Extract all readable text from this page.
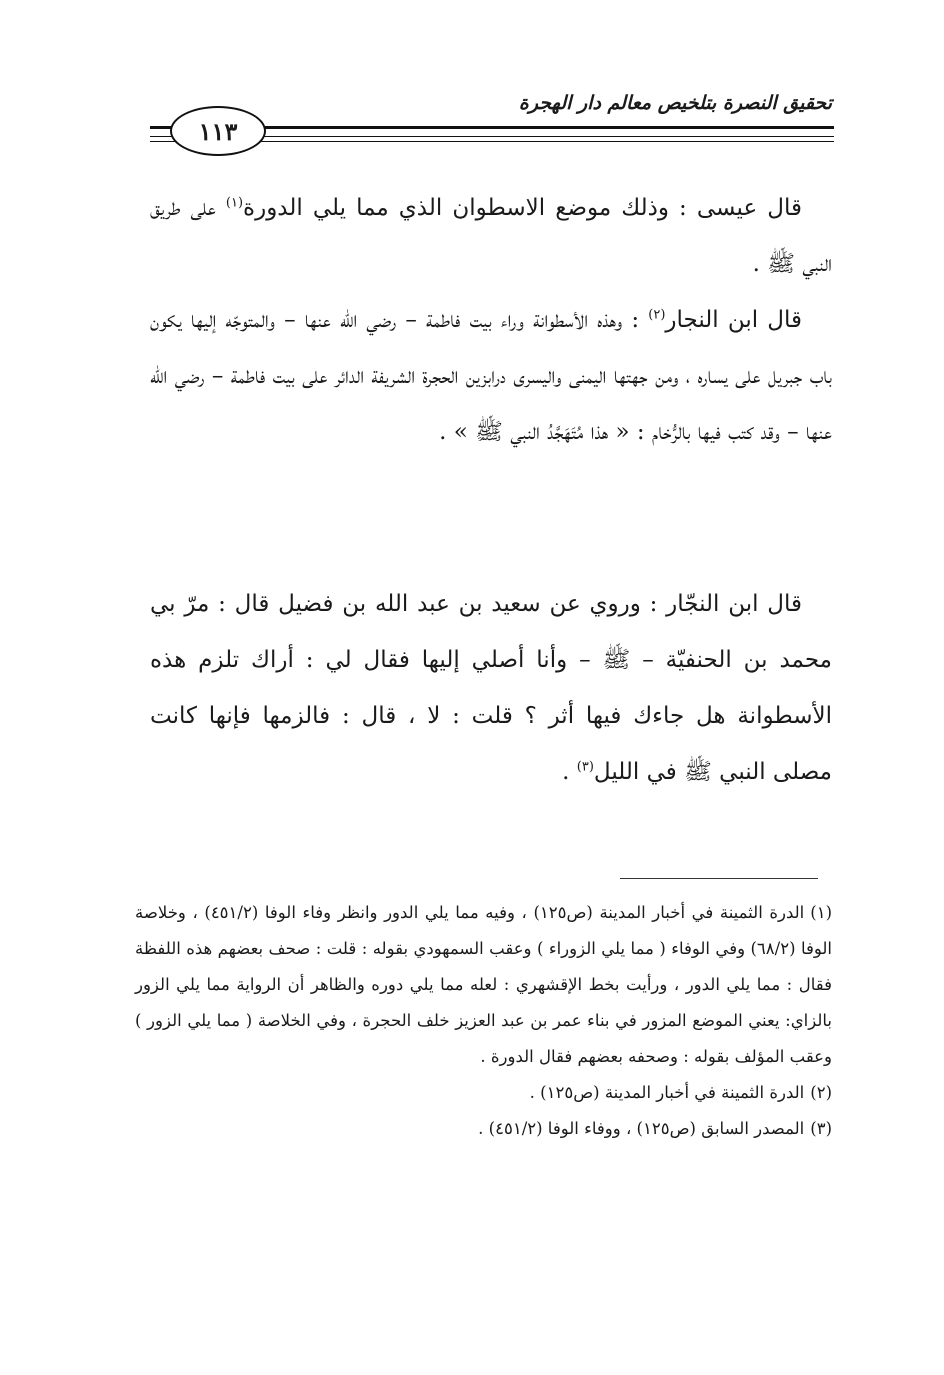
تحقيق النصرة بتلخيص معالم دار الهجرة
١١٣
قال عيسى : وذلك موضع الاسطوان الذي مما يلي الدورة$^{(١)}$ على طريق النبي ﷺ .
قال ابن النجار$^{(٢)}$ : وهذه الأسطوانة وراء بيت فاطمة – رضي الله عنها – والمتوجّه إليها يكون باب جبريل على يساره ، ومن جهتها اليمنى واليسرى درابزين الحجرة الشريفة الدائر على بيت فاطمة – رضي الله عنها – وقد كتب فيها بالرُّخام : « هذا مُتَهَجَّدُ النبي ﷺ » .
قال ابن النجّار : وروي عن سعيد بن عبد الله بن فضيل قال : مرّ بي محمد بن الحنفيّة – ﷺ – وأنا أصلي إليها فقال لي : أراك تلزم هذه الأسطوانة هل جاءك فيها أثر ؟ قلت : لا ، قال : فالزمها فإنها كانت مصلى النبي ﷺ في الليل$^{(٣)}$ .
(١)الدرة الثمينة في أخبار المدينة (ص١٢٥) ، وفيه مما يلي الدور وانظر وفاء الوفا (٤٥١/٢) ، وخلاصة الوفا (٦٨/٢) وفي الوفاء ( مما يلي الزوراء ) وعقب السمهودي بقوله : قلت : صحف بعضهم هذه اللفظة فقال : مما يلي الدور ، ورأيت بخط الإقشهري : لعله مما يلي دوره والظاهر أن الرواية مما يلي الزور بالزاي: يعني الموضع المزور في بناء عمر بن عبد العزيز خلف الحجرة ، وفي الخلاصة ( مما يلي الزور ) وعقب المؤلف بقوله : وصحفه بعضهم فقال الدورة .
(٢)الدرة الثمينة في أخبار المدينة (ص١٢٥) .
(٣)المصدر السابق (ص١٢٥) ، ووفاء الوفا (٤٥١/٢) .
